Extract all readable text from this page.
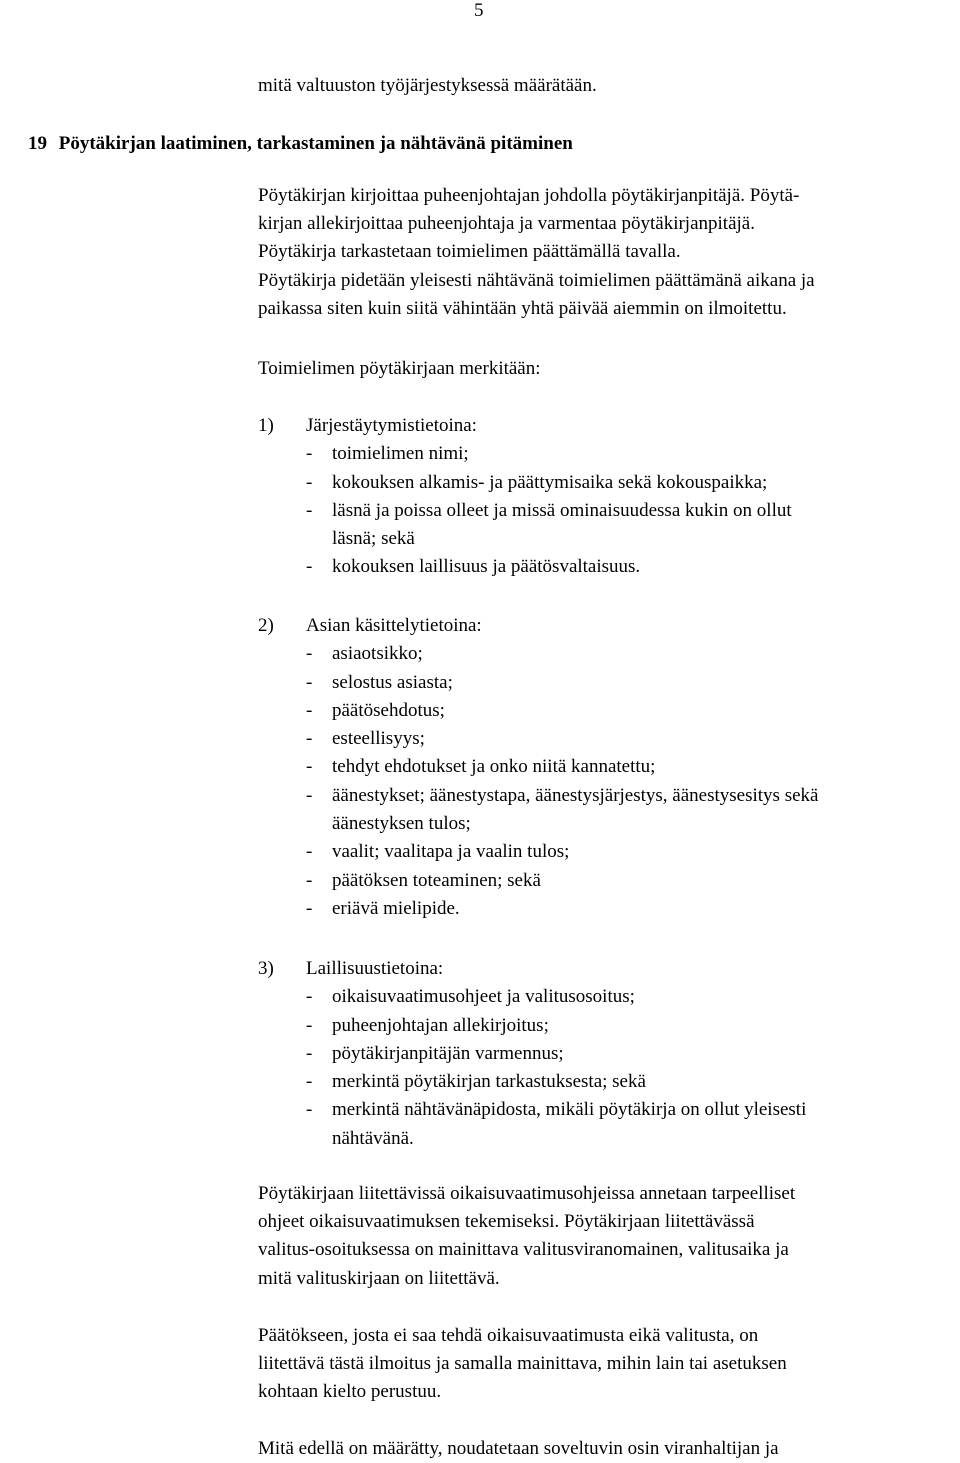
5
mitä valtuuston työjärjestyksessä määrätään.
19 Pöytäkirjan laatiminen, tarkastaminen ja nähtävänä pitäminen
Pöytäkirjan kirjoittaa puheenjohtajan johdolla pöytäkirjanpitäjä. Pöytä-
kirjan allekirjoittaa puheenjohtaja ja varmentaa pöytäkirjanpitäjä.
Pöytäkirja tarkastetaan toimielimen päättämällä tavalla.
Pöytäkirja pidetään yleisesti nähtävänä toimielimen päättämänä aikana ja
paikassa siten kuin siitä vähintään yhtä päivää aiemmin on ilmoitettu.
Toimielimen pöytäkirjaan merkitään:
1) Järjestäytymistietoina:
- toimielimen nimi;
- kokouksen alkamis- ja päättymisaika sekä kokouspaikka;
- läsnä ja poissa olleet ja missä ominaisuudessa kukin on ollut
läsnä; sekä
- kokouksen laillisuus ja päätösvaltaisuus.
2) Asian käsittelytietoina:
- asiaotsikko;
- selostus asiasta;
- päätösehdotus;
- esteellisyys;
- tehdyt ehdotukset ja onko niitä kannatettu;
- äänestykset; äänestystapa, äänestysjärjestys, äänestysesitys sekä
äänestyksen tulos;
- vaalit; vaalitapa ja vaalin tulos;
- päätöksen toteaminen; sekä
- eriävä mielipide.
3) Laillisuustietoina:
- oikaisuvaatimusohjeet ja valitusosoitus;
- puheenjohtajan allekirjoitus;
- pöytäkirjanpitäjän varmennus;
- merkintä pöytäkirjan tarkastuksesta; sekä
- merkintä nähtävänäpidosta, mikäli pöytäkirja on ollut yleisesti
nähtävänä.
Pöytäkirjaan liitettävissä oikaisuvaatimusohjeissa annetaan tarpeelliset
ohjeet oikaisuvaatimuksen tekemiseksi. Pöytäkirjaan liitettävässä
valitus-osoituksessa on mainittava valitusviranomainen, valitusaika ja
mitä valituskirjaan on liitettävä.
Päätökseen, josta ei saa tehdä oikaisuvaatimusta eikä valitusta, on
liitettävä tästä ilmoitus ja samalla mainittava, mihin lain tai asetuksen
kohtaan kielto perustuu.
Mitä edellä on määrätty, noudatetaan soveltuvin osin viranhaltijan ja
